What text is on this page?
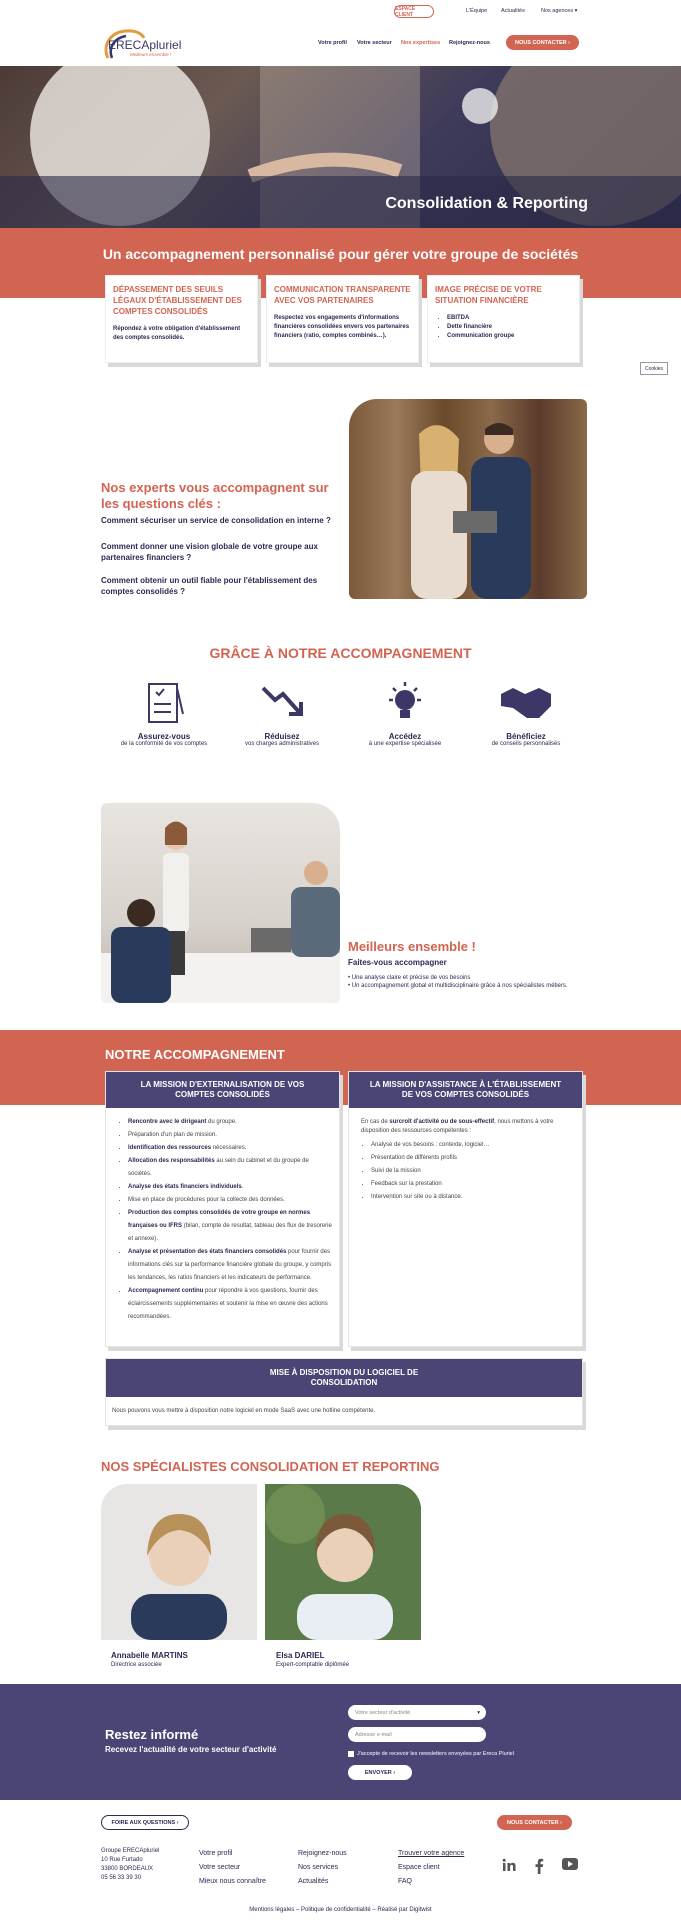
ESPACE CLIENT
L'Équipe	Actualités	Nos agences ▾
ERECApluriel
Meilleurs ensemble !
Votre profil Votre secteur Nos expertises Rejoignez-nous	NOUS CONTACTER ›
Consolidation & Reporting
Un accompagnement personnalisé pour gérer votre groupe de sociétés
DÉPASSEMENT DES SEUILS LÉGAUX D'ÉTABLISSEMENT DES COMPTES CONSOLIDÉS

Répondez à votre obligation d'établissement des comptes consolidés.

COMMUNICATION TRANSPARENTE AVEC VOS PARTENAIRES

Respectez vos engagements d'informations financières consolidées envers vos partenaires financiers (ratio, comptes combinés…).

IMAGE PRÉCISE DE VOTRE SITUATION FINANCIÈRE
• EBITDA
• Dette financière
• Communication groupe
Cookies
Nos experts vous accompagnent sur les questions clés :
Comment sécuriser un service de consolidation en interne ?
Comment donner une vision globale de votre groupe aux partenaires financiers ?
Comment obtenir un outil fiable pour l'établissement des comptes consolidés ?
GRÂCE À NOTRE ACCOMPAGNEMENT
Assurez-vous
de la conformité de vos comptes
Réduisez
vos charges administratives
Accédez
à une expertise spécialisée
Bénéficiez
de conseils personnalisés
Meilleurs ensemble !
Faites-vous accompagner
• Une analyse claire et précise de vos besoins
• Un accompagnement global et multidisciplinaire grâce à nos spécialistes métiers.
NOTRE ACCOMPAGNEMENT
LA MISSION D'EXTERNALISATION DE VOS COMPTES CONSOLIDÉS
• Rencontre avec le dirigeant du groupe.
• Préparation d'un plan de mission.
• Identification des ressources nécessaires.
• Allocation des responsabilités au sein du cabinet et du groupe de sociétés.
• Analyse des états financiers individuels.
• Mise en place de procédures pour la collecte des données.
• Production des comptes consolidés de votre groupe en normes françaises ou IFRS (bilan, compte de resultat, tableau des flux de tresorerie et annexe).
• Analyse et présentation des états financiers consolidés pour fournir des informations clés sur la performance financière globale du groupe, y compris les tendances, les ratios financiers et les indicateurs de performance.
• Accompagnement continu pour répondre à vos questions, fournir des éclaircissements supplémentaires et soutenir la mise en œuvre des actions recommandées.
LA MISSION D'ASSISTANCE À L'ÉTABLISSEMENT DE VOS COMPTES CONSOLIDÉS

En cas de surcroît d'activité ou de sous-effectif, nous mettons à votre disposition des ressources compétentes :

• Analyse de vos besoins : contexte, logiciel…
• Présentation de différents profils
• Suivi de la mission
• Feedback sur la prestation
• Intervention sur site ou à distance.
MISE À DISPOSITION DU LOGICIEL DE CONSOLIDATION
Nous pouvons vous mettre à disposition notre logiciel en mode SaaS avec une hotline compétente.
NOS SPÉCIALISTES CONSOLIDATION ET REPORTING
Annabelle MARTINS
Directrice associée
Elsa DARIEL
Expert-comptable diplômée
Restez informé
Recevez l'actualité de votre secteur d'activité
Votre secteur d'activité	▾
Adresse e-mail
J'accepte de recevoir les newsletters envoyées par Ereca Pluriel
ENVOYER ›
FOIRE AUX QUESTIONS ›	NOUS CONTACTER ›
Groupe ERECApluriel
10 Rue Furtado
33800 BORDEAUX
05 56 33 39 30
Votre profil
Votre secteur
Mieux nous connaître
Rejoignez-nous
Nos services
Actualités
Trouver votre agence
Espace client
FAQ
Mentions légales – Politique de confidentialité – Réalisé par Digitwist
